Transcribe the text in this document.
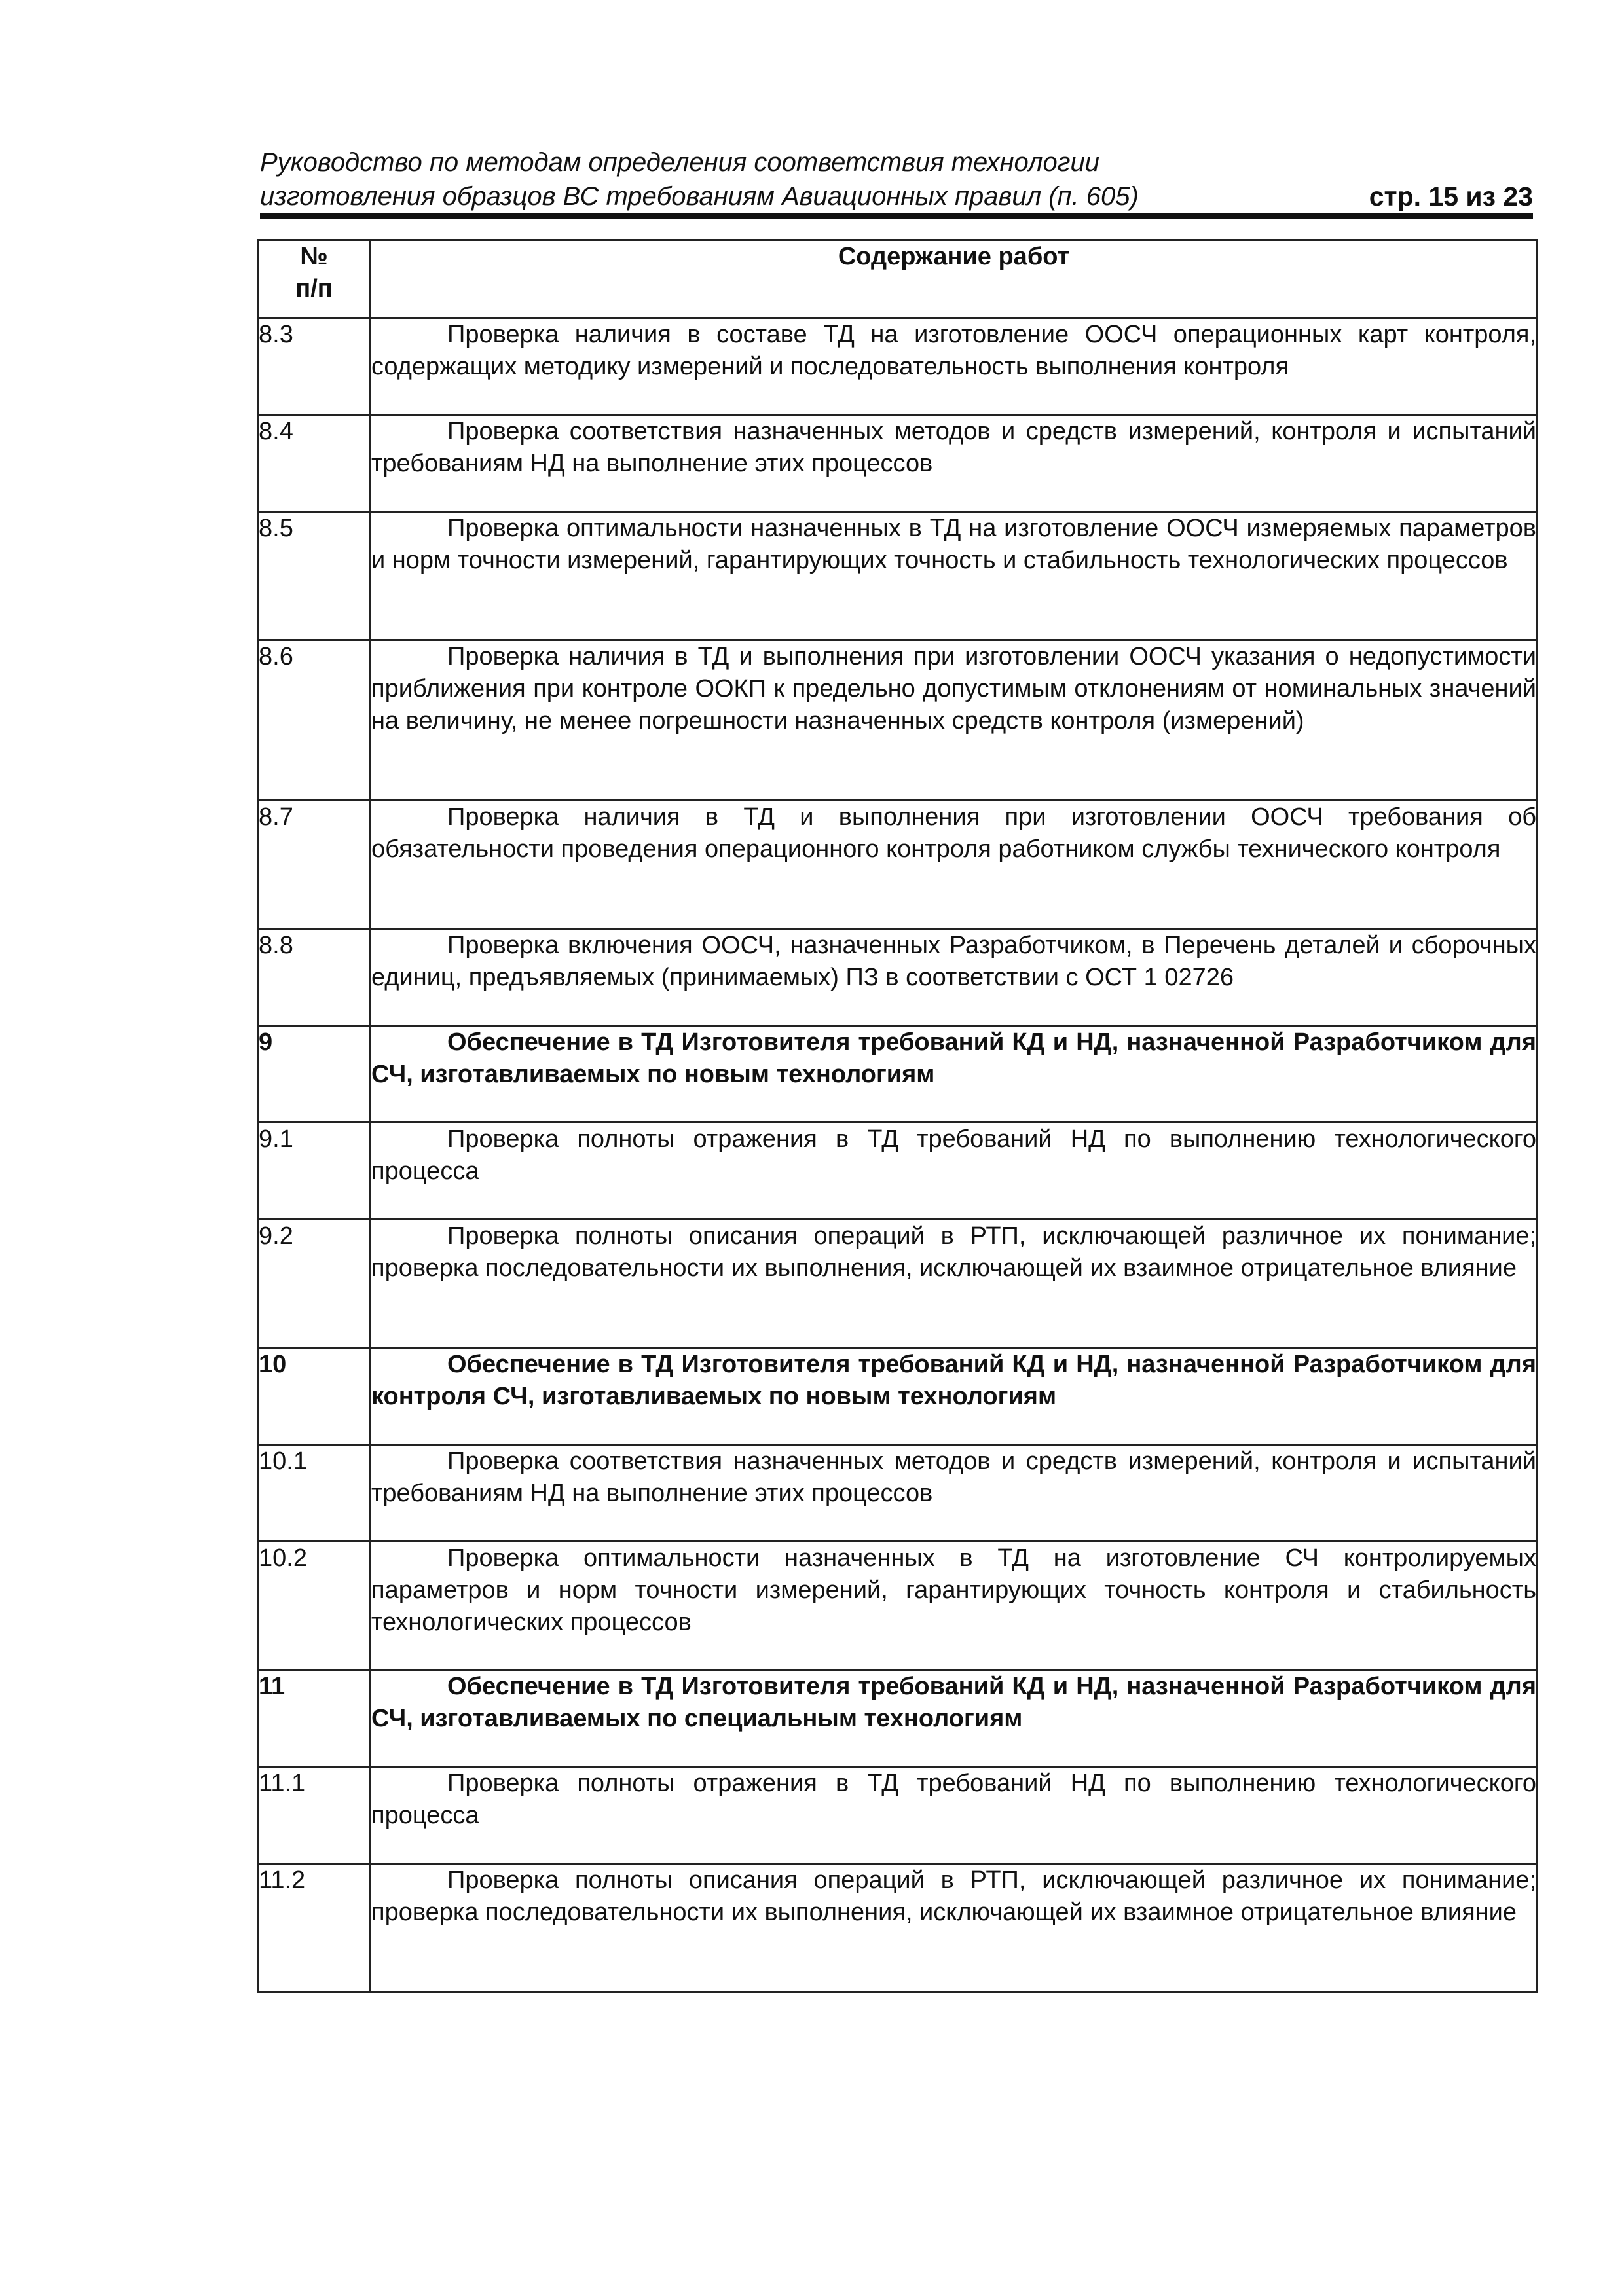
Руководство по методам определения соответствия технологии
изготовления образцов ВС требованиям Авиационных правил (п. 605)	стр. 15 из 23
№
п/п	Содержание работ
8.3	Проверка наличия в составе ТД на изготовление ООСЧ операционных карт контроля, содержащих методику измерений и последовательность выполнения контроля
8.4	Проверка соответствия назначенных методов и средств измерений, контроля и испытаний требованиям НД на выполнение этих процессов
8.5	Проверка оптимальности назначенных в ТД на изготовление ООСЧ измеряемых параметров и норм точности измерений, гарантирующих точность и стабильность технологических процессов
8.6	Проверка наличия в ТД и выполнения при изготовлении ООСЧ указания о недопустимости приближения при контроле ООКП к предельно допустимым отклонениям от номинальных значений на величину, не менее погрешности назначенных средств контроля (измерений)
8.7	Проверка наличия в ТД и выполнения при изготовлении ООСЧ требования об обязательности проведения операционного контроля работником службы технического контроля
8.8	Проверка включения ООСЧ, назначенных Разработчиком, в Перечень деталей и сборочных единиц, предъявляемых (принимаемых) ПЗ в соответствии с ОСТ 1 02726
9	Обеспечение в ТД Изготовителя требований КД и НД, назначенной Разработчиком для СЧ, изготавливаемых по новым технологиям
9.1	Проверка полноты отражения в ТД требований НД по выполнению технологического процесса
9.2	Проверка полноты описания операций в РТП, исключающей различное их понимание; проверка последовательности их выполнения, исключающей их взаимное отрицательное влияние
10	Обеспечение в ТД Изготовителя требований КД и НД, назначенной Разработчиком для контроля СЧ, изготавливаемых по новым технологиям
10.1	Проверка соответствия назначенных методов и средств измерений, контроля и испытаний требованиям НД на выполнение этих процессов
10.2	Проверка оптимальности назначенных в ТД на изготовление СЧ контролируемых параметров и норм точности измерений, гарантирующих точность контроля и стабильность технологических процессов
11	Обеспечение в ТД Изготовителя требований КД и НД, назначенной Разработчиком для СЧ, изготавливаемых по специальным технологиям
11.1	Проверка полноты отражения в ТД требований НД по выполнению технологического процесса
11.2	Проверка полноты описания операций в РТП, исключающей различное их понимание; проверка последовательности их выполнения, исключающей их взаимное отрицательное влияние
